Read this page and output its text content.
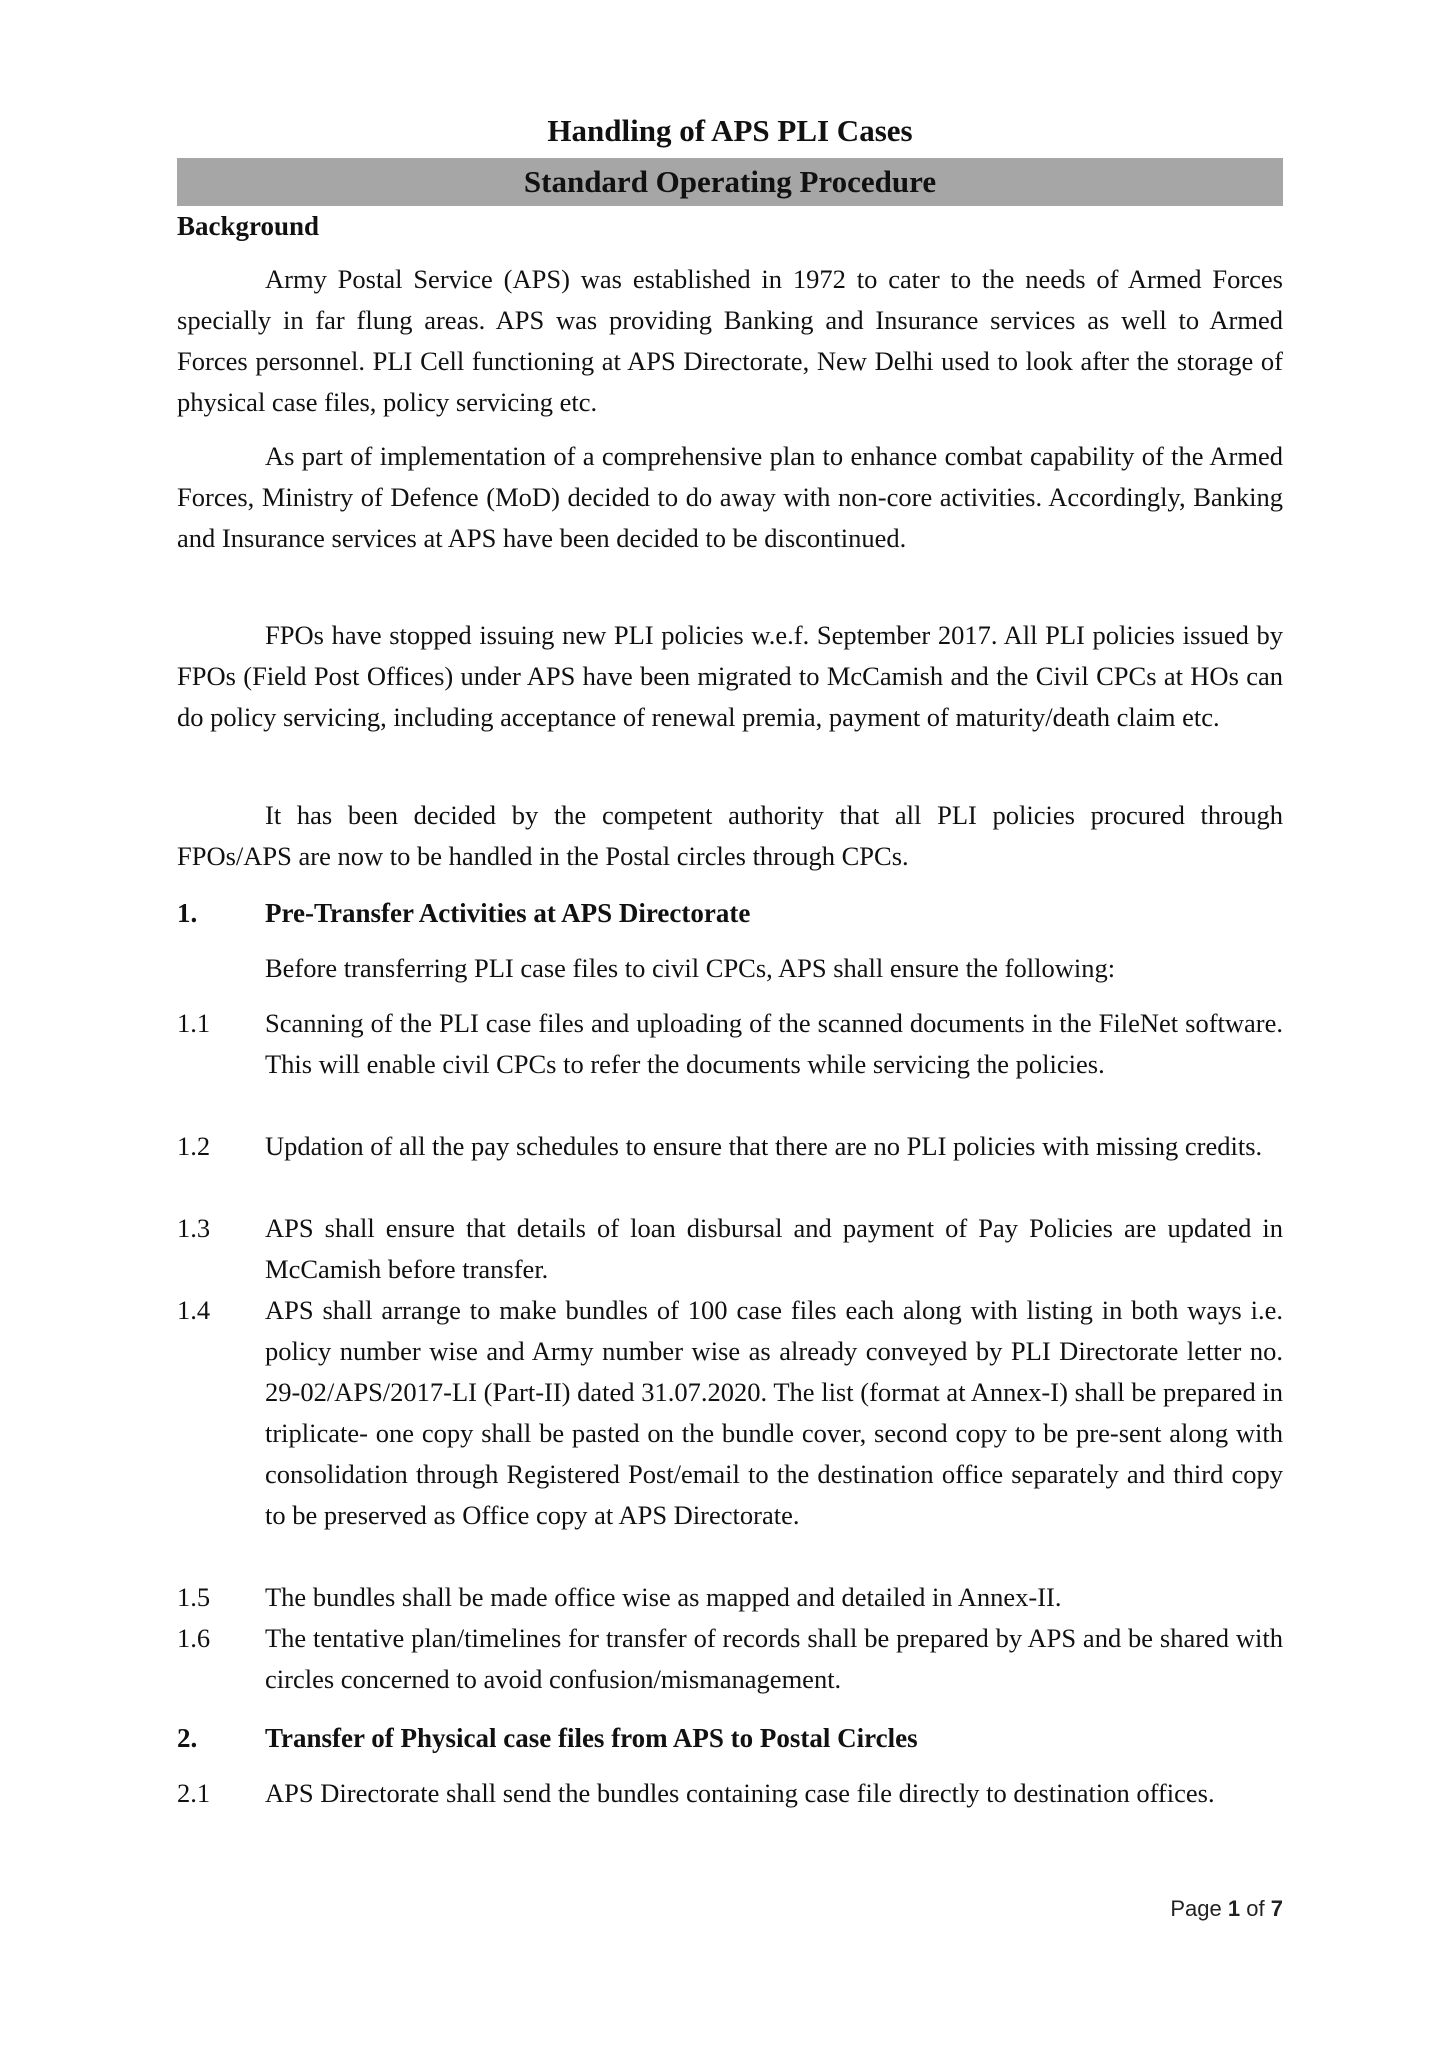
Handling of APS PLI Cases
Standard Operating Procedure
Background

Army Postal Service (APS) was established in 1972 to cater to the needs of Armed Forces specially in far flung areas. APS was providing Banking and Insurance services as well to Armed Forces personnel. PLI Cell functioning at APS Directorate, New Delhi used to look after the storage of physical case files, policy servicing etc.

As part of implementation of a comprehensive plan to enhance combat capability of the Armed Forces, Ministry of Defence (MoD) decided to do away with non-core activities. Accordingly, Banking and Insurance services at APS have been decided to be discontinued.

FPOs have stopped issuing new PLI policies w.e.f. September 2017. All PLI policies issued by FPOs (Field Post Offices) under APS have been migrated to McCamish and the Civil CPCs at HOs can do policy servicing, including acceptance of renewal premia, payment of maturity/death claim etc.

It has been decided by the competent authority that all PLI policies procured through FPOs/APS are now to be handled in the Postal circles through CPCs.

1.	Pre-Transfer Activities at APS Directorate
Before transferring PLI case files to civil CPCs, APS shall ensure the following:
1.1	Scanning of the PLI case files and uploading of the scanned documents in the FileNet software. This will enable civil CPCs to refer the documents while servicing the policies.
1.2	Updation of all the pay schedules to ensure that there are no PLI policies with missing credits.
1.3	APS shall ensure that details of loan disbursal and payment of Pay Policies are updated in McCamish before transfer.
1.4	APS shall arrange to make bundles of 100 case files each along with listing in both ways i.e. policy number wise and Army number wise as already conveyed by PLI Directorate letter no. 29-02/APS/2017-LI (Part-II) dated 31.07.2020. The list (format at Annex-I) shall be prepared in triplicate- one copy shall be pasted on the bundle cover, second copy to be pre-sent along with consolidation through Registered Post/email to the destination office separately and third copy to be preserved as Office copy at APS Directorate.
1.5	The bundles shall be made office wise as mapped and detailed in Annex-II.
1.6	The tentative plan/timelines for transfer of records shall be prepared by APS and be shared with circles concerned to avoid confusion/mismanagement.
2.	Transfer of Physical case files from APS to Postal Circles
2.1	APS Directorate shall send the bundles containing case file directly to destination offices.
Page 1 of 7
